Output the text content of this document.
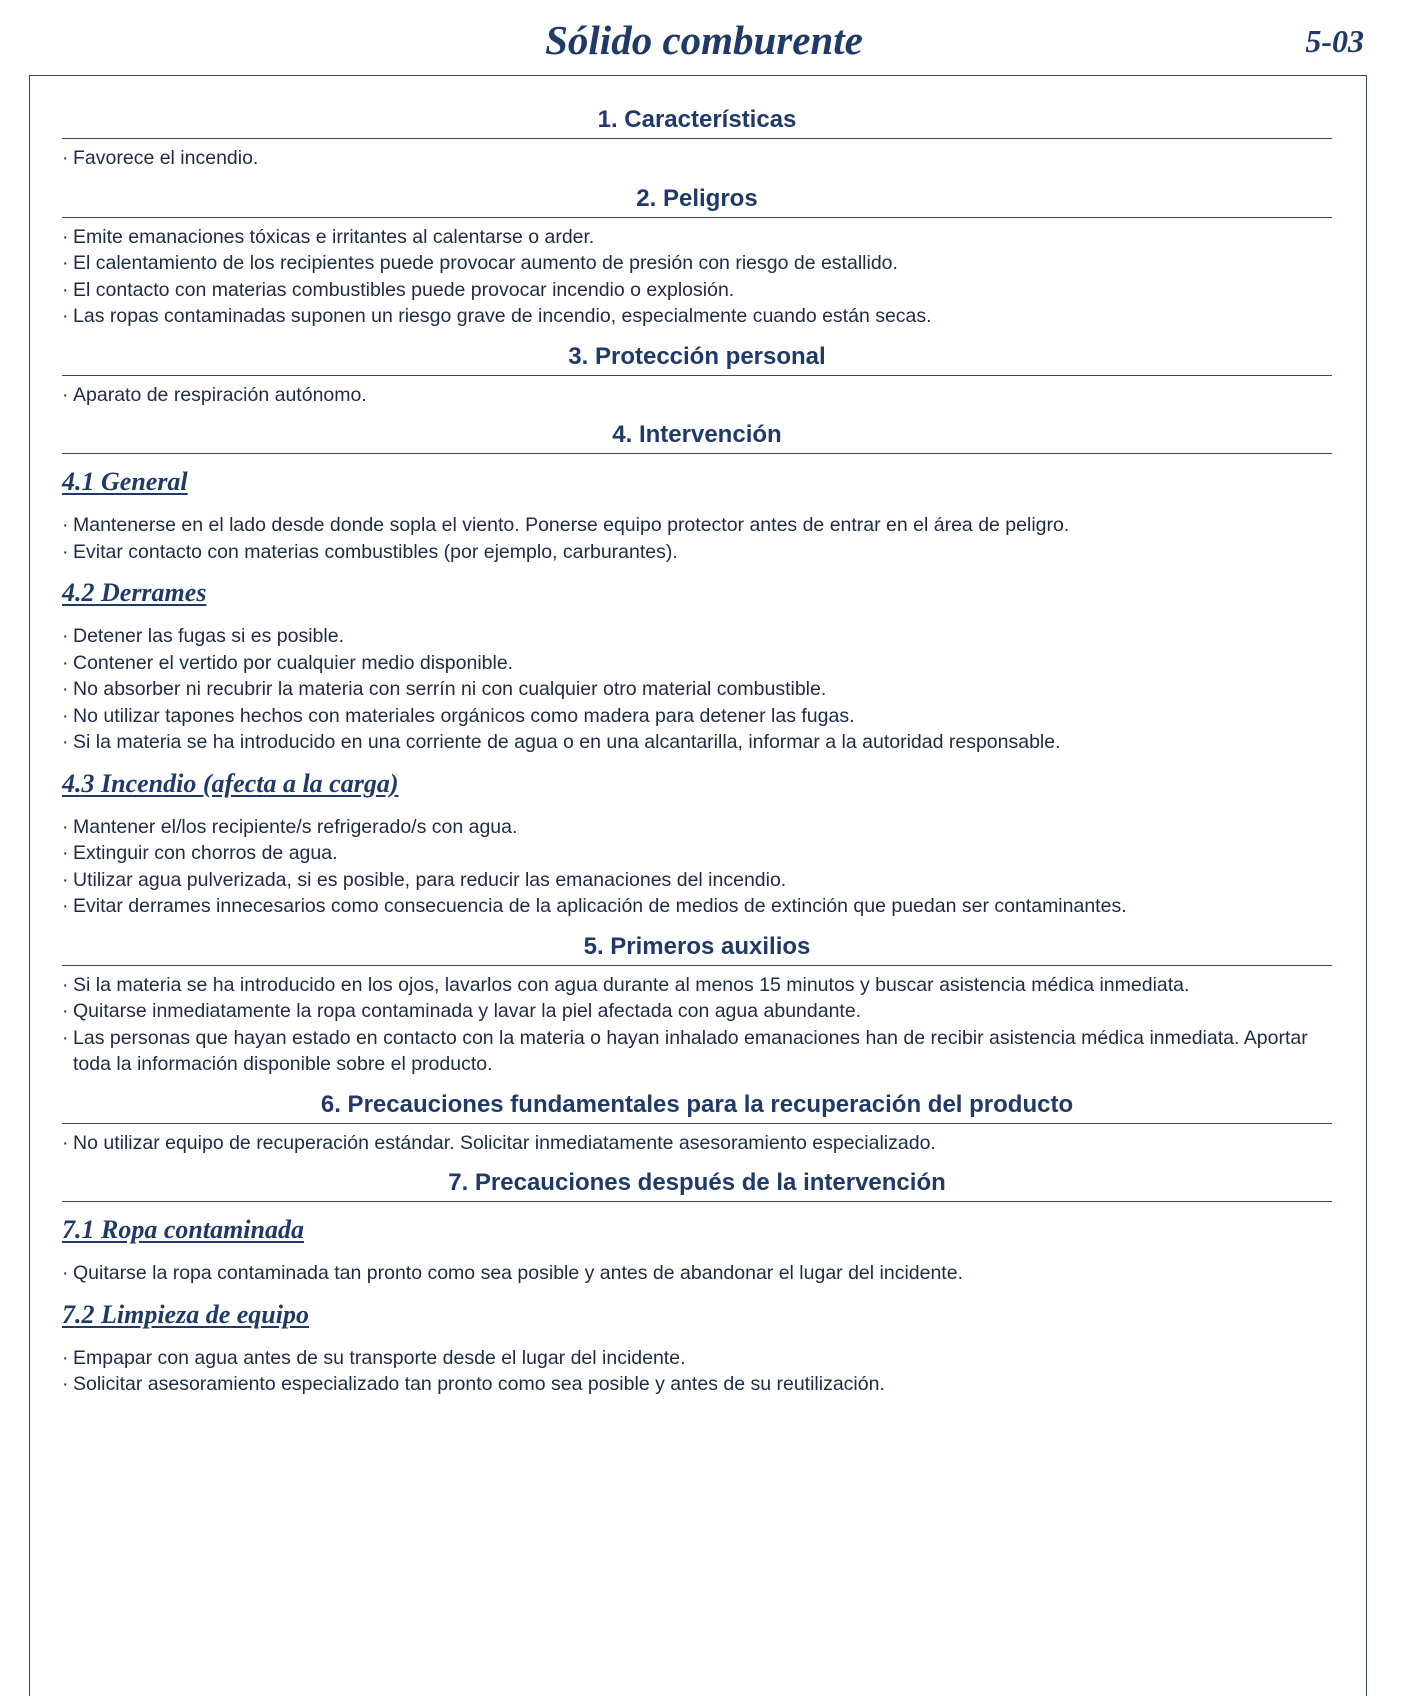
Sólido comburente	5-03
1. Características
· Favorece el incendio.
2. Peligros
· Emite emanaciones tóxicas e irritantes al calentarse o arder.
· El calentamiento de los recipientes puede provocar aumento de presión con riesgo de estallido.
· El contacto con materias combustibles puede provocar incendio o explosión.
· Las ropas contaminadas suponen un riesgo grave de incendio, especialmente cuando están secas.
3. Protección personal
· Aparato de respiración autónomo.
4. Intervención
4.1 General
· Mantenerse en el lado desde donde sopla el viento. Ponerse equipo protector antes de entrar en el área de peligro.
· Evitar contacto con materias combustibles (por ejemplo, carburantes).
4.2 Derrames
· Detener las fugas si es posible.
· Contener el vertido por cualquier medio disponible.
· No absorber ni recubrir la materia con serrín ni con cualquier otro material combustible.
· No utilizar tapones hechos con materiales orgánicos como madera para detener las fugas.
· Si la materia se ha introducido en una corriente de agua o en una alcantarilla, informar a la autoridad responsable.
4.3 Incendio (afecta a la carga)
· Mantener el/los recipiente/s refrigerado/s con agua.
· Extinguir con chorros de agua.
· Utilizar agua pulverizada, si es posible, para reducir las emanaciones del incendio.
· Evitar derrames innecesarios como consecuencia de la aplicación de medios de extinción que puedan ser contaminantes.
5. Primeros auxilios
· Si la materia se ha introducido en los ojos, lavarlos con agua durante al menos 15 minutos y buscar asistencia médica inmediata.
· Quitarse inmediatamente la ropa contaminada y lavar la piel afectada con agua abundante.
· Las personas que hayan estado en contacto con la materia o hayan inhalado emanaciones han de recibir asistencia médica inmediata. Aportar toda la información disponible sobre el producto.
6. Precauciones fundamentales para la recuperación del producto
· No utilizar equipo de recuperación estándar. Solicitar inmediatamente asesoramiento especializado.
7. Precauciones después de la intervención
7.1 Ropa contaminada
· Quitarse la ropa contaminada tan pronto como sea posible y antes de abandonar el lugar del incidente.
7.2 Limpieza de equipo
· Empapar con agua antes de su transporte desde el lugar del incidente.
· Solicitar asesoramiento especializado tan pronto como sea posible y antes de su reutilización.
